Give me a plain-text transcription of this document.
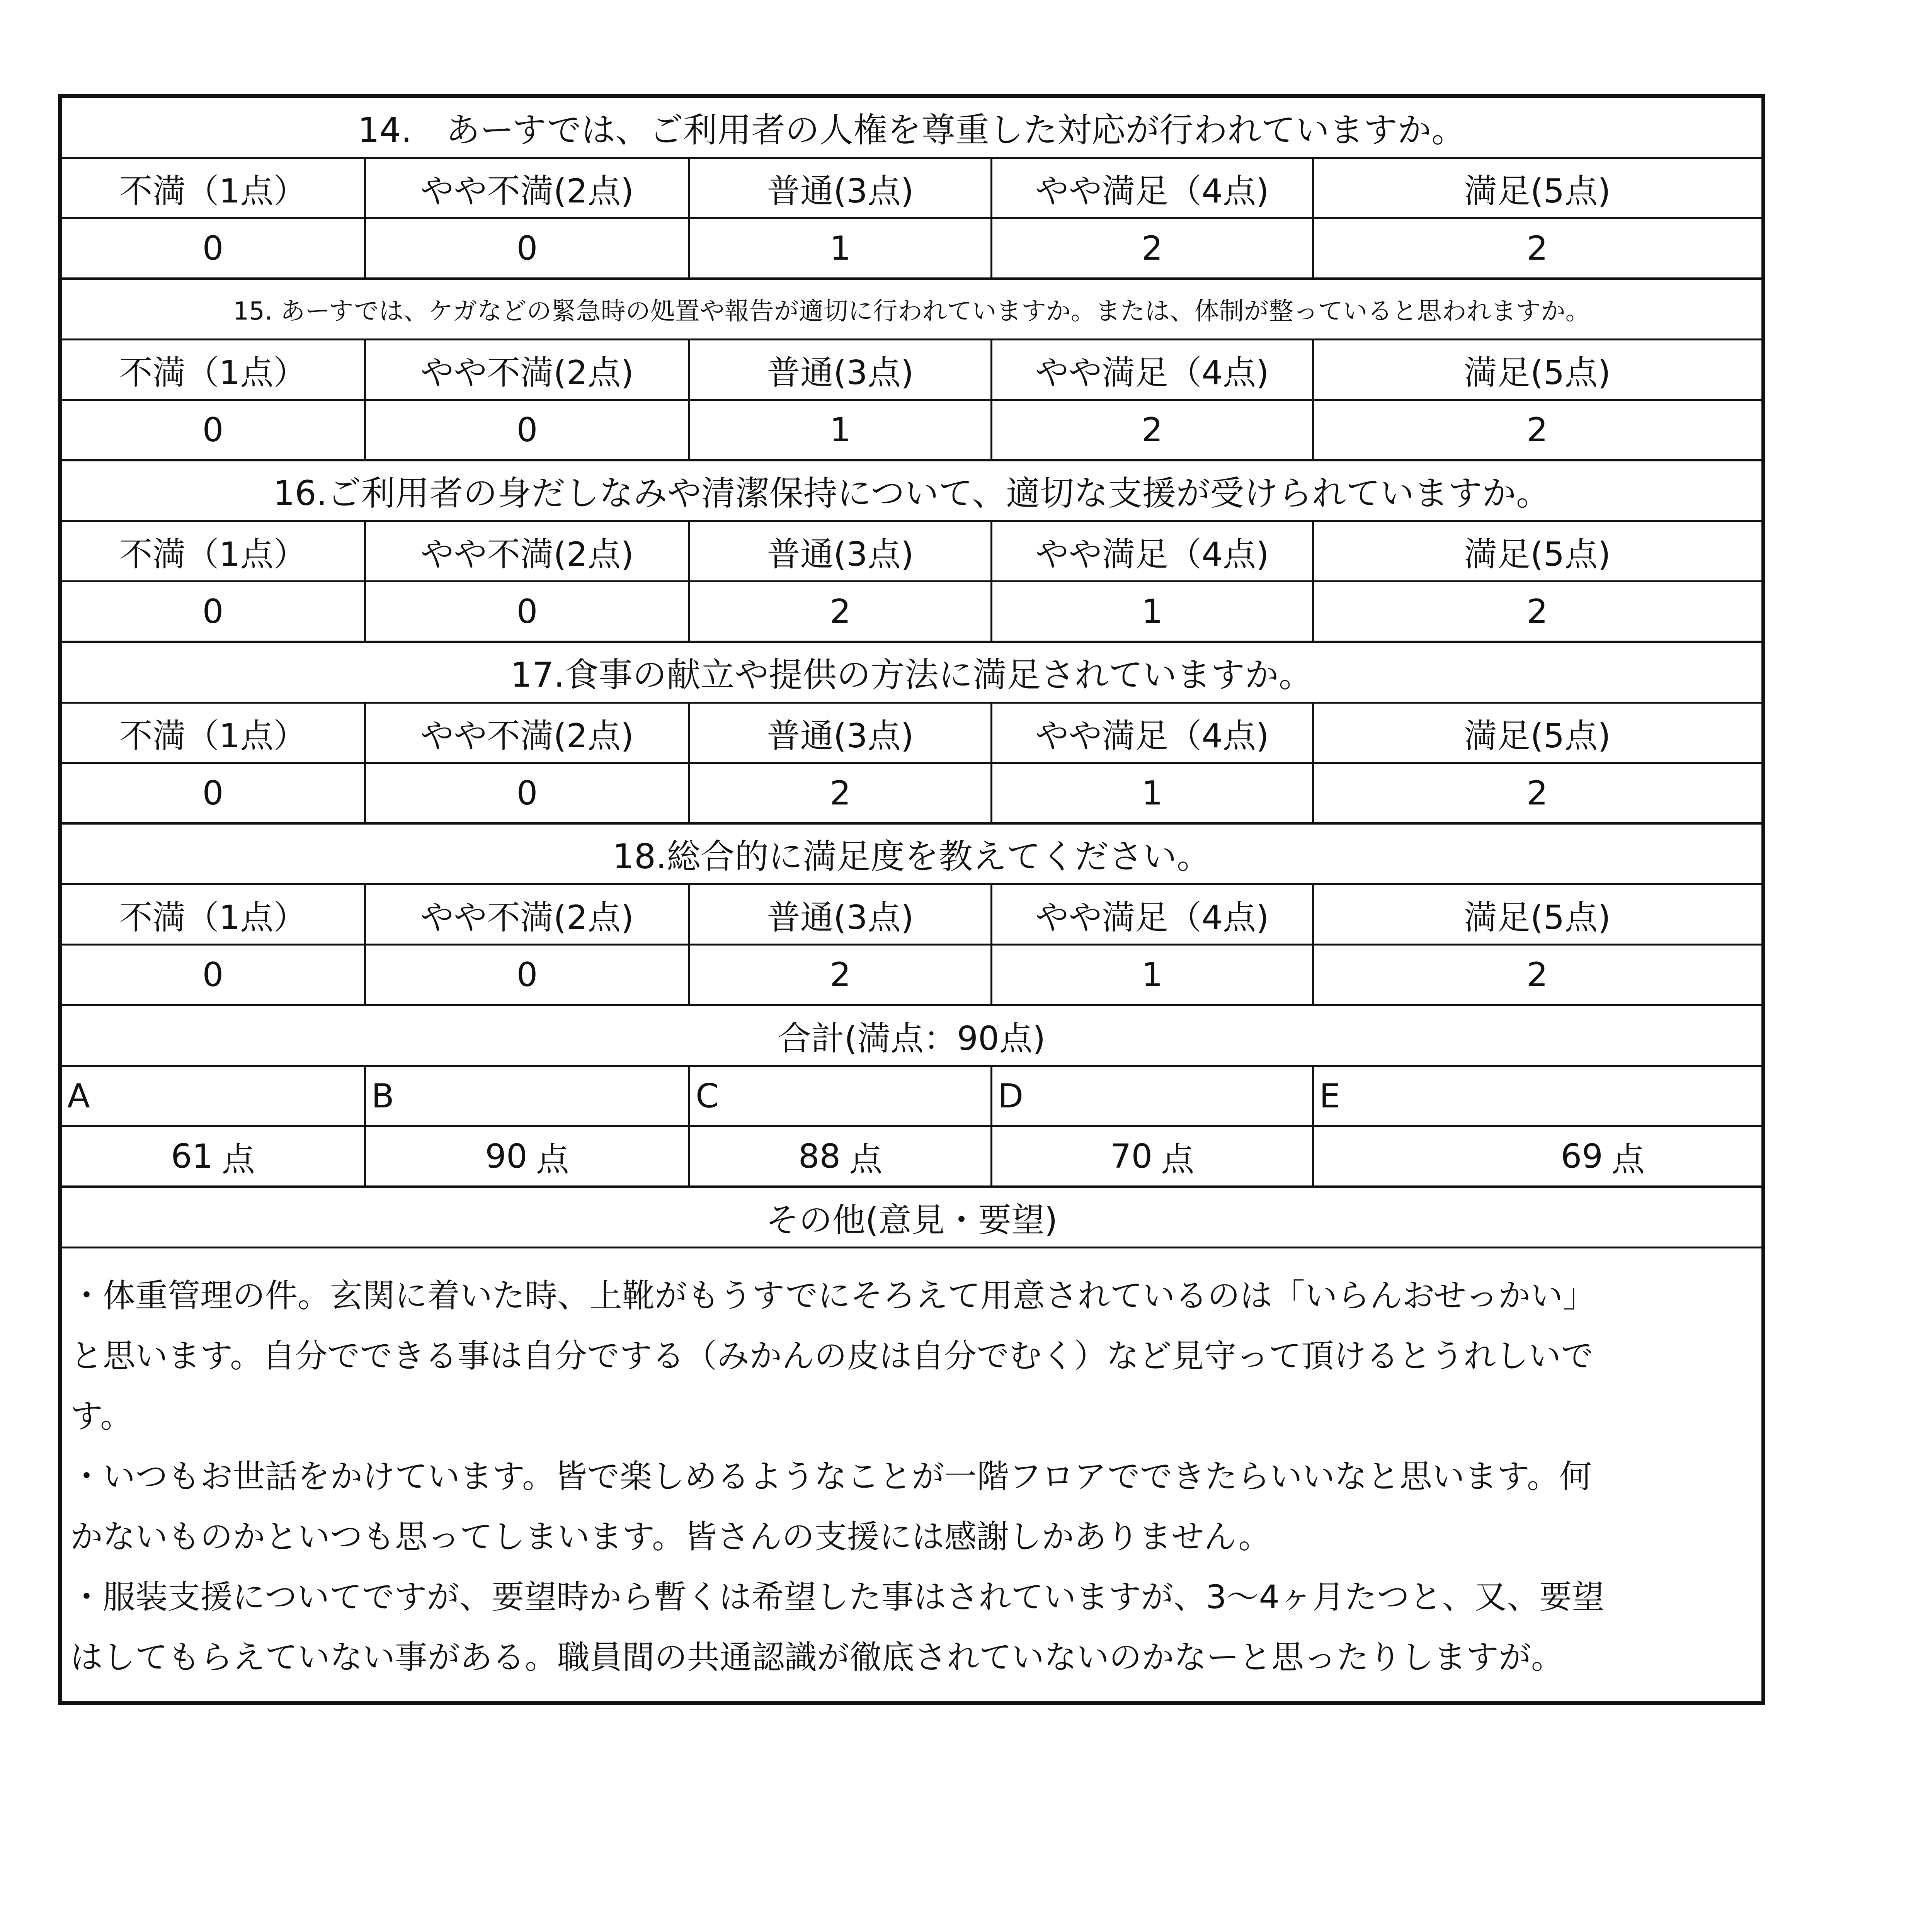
14.　あーすでは、ご利用者の人権を尊重した対応が行われていますか。
不満（1点）	やや不満(2点)	普通(3点)	やや満足（4点)	満足(5点)
0	0	1	2	2
15. あーすでは、ケガなどの緊急時の処置や報告が適切に行われていますか。または、体制が整っていると思われますか。
不満（1点）	やや不満(2点)	普通(3点)	やや満足（4点)	満足(5点)
0	0	1	2	2
16.ご利用者の身だしなみや清潔保持について、適切な支援が受けられていますか。
不満（1点）	やや不満(2点)	普通(3点)	やや満足（4点)	満足(5点)
0	0	2	1	2
17.食事の献立や提供の方法に満足されていますか。
不満（1点）	やや不満(2点)	普通(3点)	やや満足（4点)	満足(5点)
0	0	2	1	2
18.総合的に満足度を教えてください。
不満（1点）	やや不満(2点)	普通(3点)	やや満足（4点)	満足(5点)
0	0	2	1	2
合計(満点：90点)
A	B	C	D	E
61 点	90 点	88 点	70 点	69 点
その他(意見・要望)
・体重管理の件。玄関に着いた時、上靴がもうすでにそろえて用意されているのは「いらんおせっかい」
と思います。自分でできる事は自分でする（みかんの皮は自分でむく）など見守って頂けるとうれしいで
す。
・いつもお世話をかけています。皆で楽しめるようなことが一階フロアでできたらいいなと思います。何
かないものかといつも思ってしまいます。皆さんの支援には感謝しかありません。
・服装支援についてですが、要望時から暫くは希望した事はされていますが、3〜4ヶ月たつと、又、要望
はしてもらえていない事がある。職員間の共通認識が徹底されていないのかなーと思ったりしますが。
